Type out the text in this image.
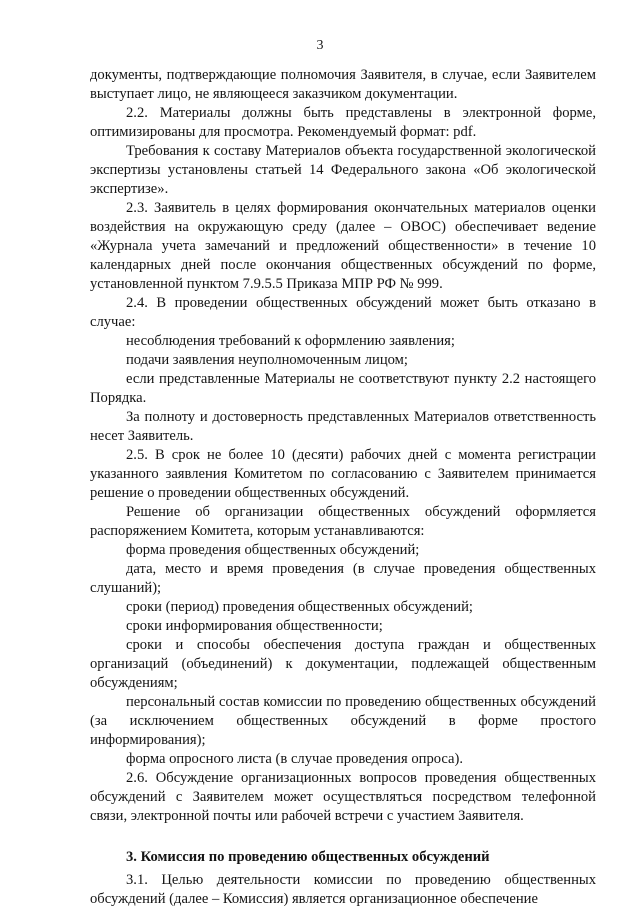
3

документы, подтверждающие полномочия Заявителя, в случае, если Заявителем выступает лицо, не являющееся заказчиком документации.

2.2. Материалы должны быть представлены в электронной форме, оптимизированы для просмотра. Рекомендуемый формат: pdf.

Требования к составу Материалов объекта государственной экологической экспертизы установлены статьей 14 Федерального закона «Об экологической экспертизе».

2.3. Заявитель в целях формирования окончательных материалов оценки воздействия на окружающую среду (далее – ОВОС) обеспечивает ведение «Журнала учета замечаний и предложений общественности» в течение 10 календарных дней после окончания общественных обсуждений по форме, установленной пунктом 7.9.5.5 Приказа МПР РФ № 999.

2.4. В проведении общественных обсуждений может быть отказано в случае:

несоблюдения требований к оформлению заявления;

подачи заявления неуполномоченным лицом;

если представленные Материалы не соответствуют пункту 2.2 настоящего Порядка.

За полноту и достоверность представленных Материалов ответственность несет Заявитель.

2.5. В срок не более 10 (десяти) рабочих дней с момента регистрации указанного заявления Комитетом по согласованию с Заявителем принимается решение о проведении общественных обсуждений.

Решение об организации общественных обсуждений оформляется распоряжением Комитета, которым устанавливаются:

форма проведения общественных обсуждений;

дата, место и время проведения (в случае проведения общественных слушаний);

сроки (период) проведения общественных обсуждений;

сроки информирования общественности;

сроки и способы обеспечения доступа граждан и общественных организаций (объединений) к документации, подлежащей общественным обсуждениям;

персональный состав комиссии по проведению общественных обсуждений (за исключением общественных обсуждений в форме простого информирования);

форма опросного листа (в случае проведения опроса).

2.6. Обсуждение организационных вопросов проведения общественных обсуждений с Заявителем может осуществляться посредством телефонной связи, электронной почты или рабочей встречи с участием Заявителя.

3. Комиссия по проведению общественных обсуждений

3.1. Целью деятельности комиссии по проведению общественных обсуждений (далее – Комиссия) является организационное обеспечение
